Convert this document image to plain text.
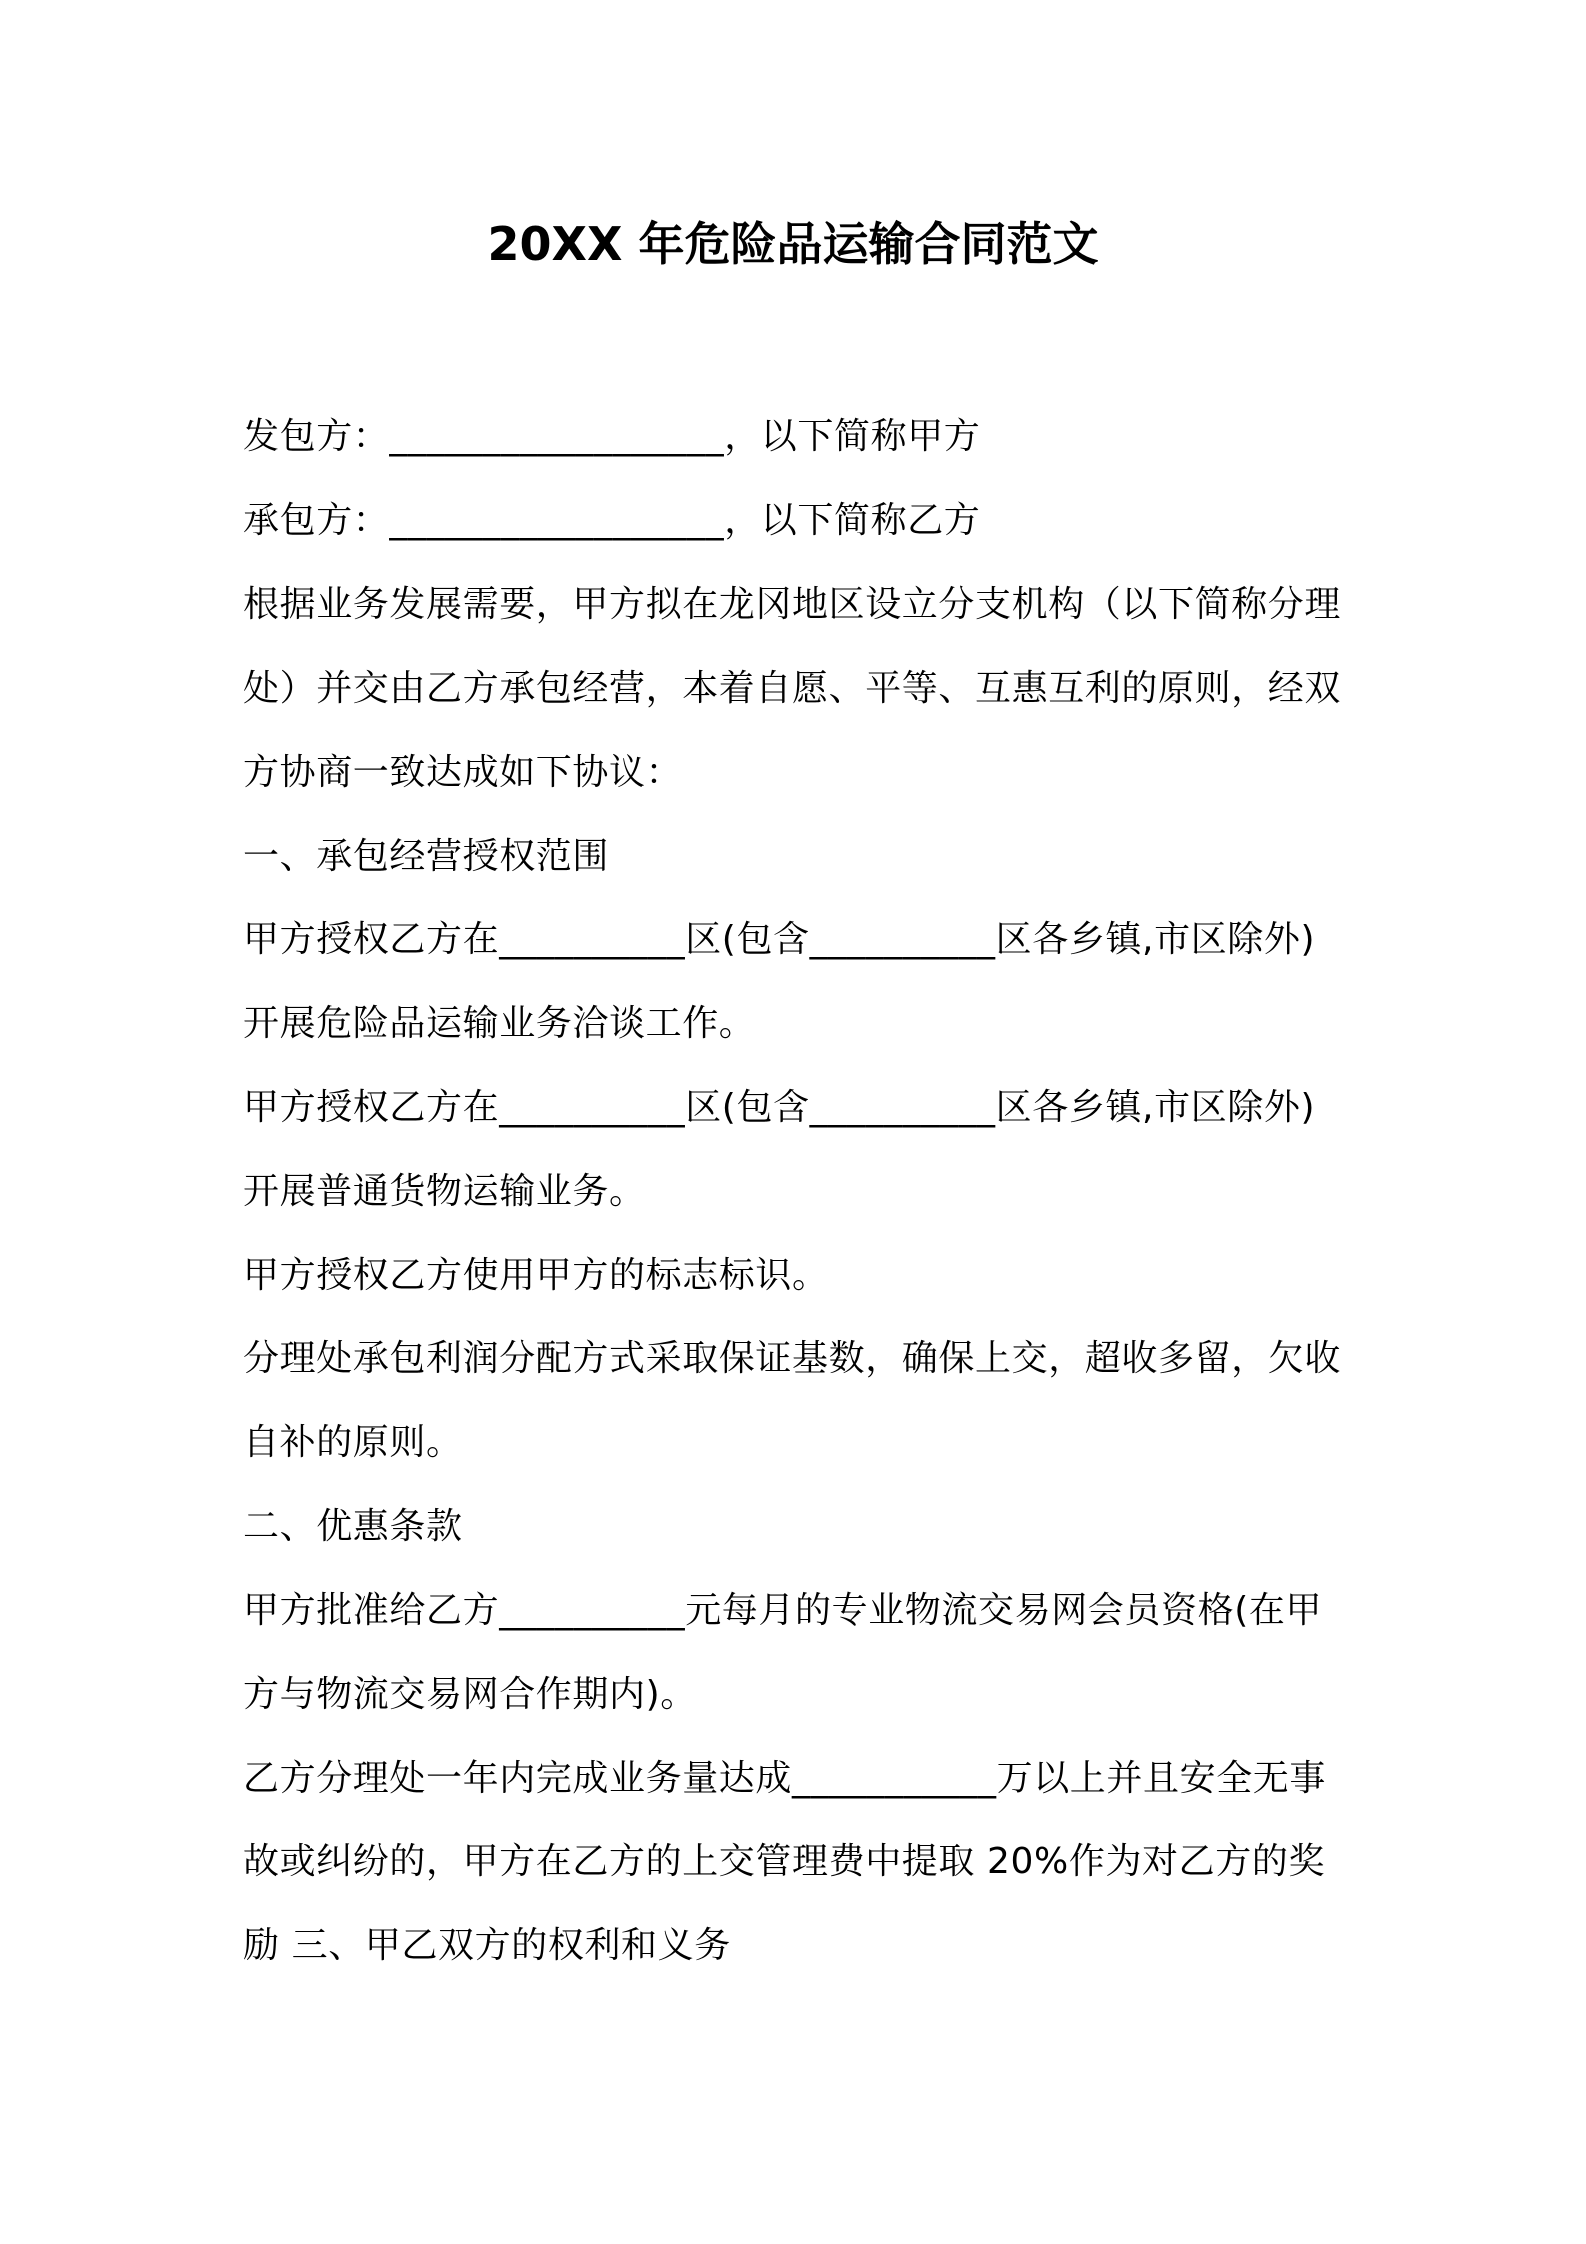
20XX 年危险品运输合同范文
发包方：__________________，以下简称甲方
承包方：__________________，以下简称乙方
根据业务发展需要，甲方拟在龙冈地区设立分支机构（以下简称分理
处）并交由乙方承包经营，本着自愿、平等、互惠互利的原则，经双
方协商一致达成如下协议：
一、承包经营授权范围
甲方授权乙方在__________区(包含__________区各乡镇,市区除外)
开展危险品运输业务洽谈工作。
甲方授权乙方在__________区(包含__________区各乡镇,市区除外)
开展普通货物运输业务。
甲方授权乙方使用甲方的标志标识。
分理处承包利润分配方式采取保证基数，确保上交，超收多留，欠收
自补的原则。
二、优惠条款
甲方批准给乙方__________元每月的专业物流交易网会员资格(在甲
方与物流交易网合作期内)。
乙方分理处一年内完成业务量达成___________万以上并且安全无事
故或纠纷的，甲方在乙方的上交管理费中提取 20%作为对乙方的奖
励 三、甲乙双方的权利和义务
